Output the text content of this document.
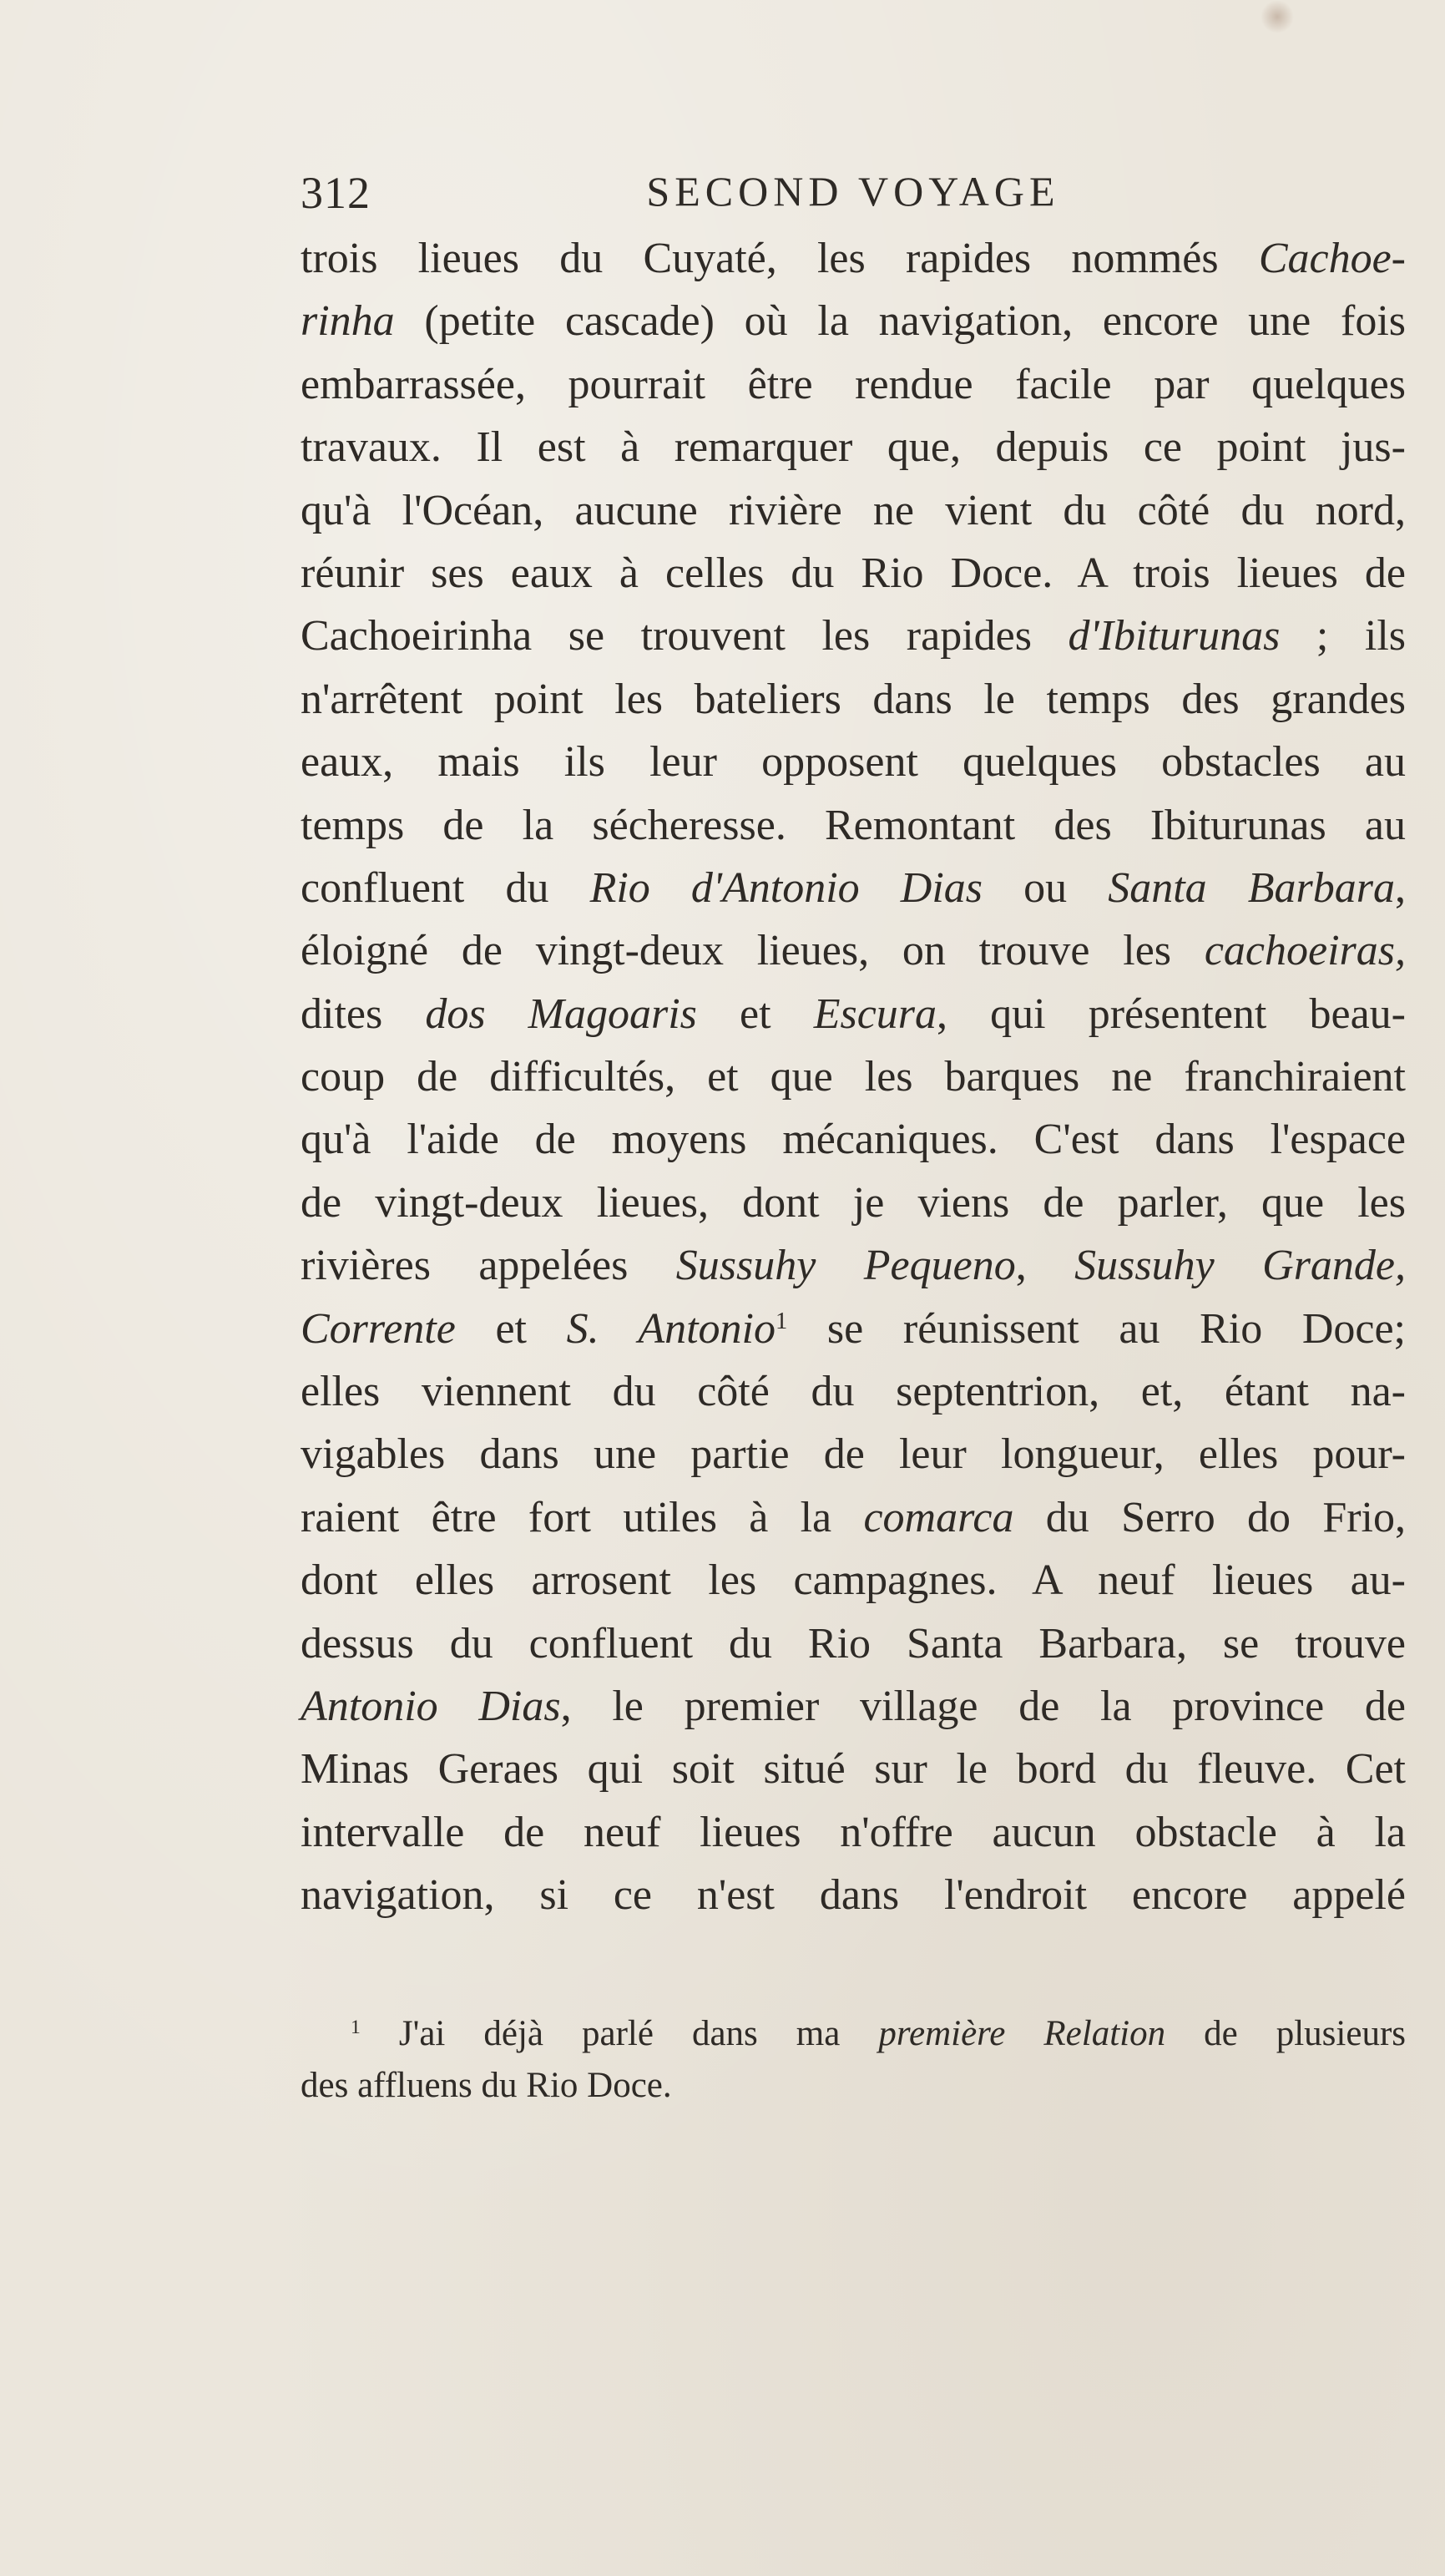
312	SECOND VOYAGE
trois lieues du Cuyaté, les rapides nommés Cachoe-
rinha (petite cascade) où la navigation, encore une fois
embarrassée, pourrait être rendue facile par quelques
travaux. Il est à remarquer que, depuis ce point jus-
qu'à l'Océan, aucune rivière ne vient du côté du nord,
réunir ses eaux à celles du Rio Doce. A trois lieues de
Cachoeirinha se trouvent les rapides d'Ibiturunas ; ils
n'arrêtent point les bateliers dans le temps des grandes
eaux, mais ils leur opposent quelques obstacles au
temps de la sécheresse. Remontant des Ibiturunas au
confluent du Rio d'Antonio Dias ou Santa Barbara,
éloigné de vingt-deux lieues, on trouve les cachoeiras,
dites dos Magoaris et Escura, qui présentent beau-
coup de difficultés, et que les barques ne franchiraient
qu'à l'aide de moyens mécaniques. C'est dans l'espace
de vingt-deux lieues, dont je viens de parler, que les
rivières appelées Sussuhy Pequeno, Sussuhy Grande,
Corrente et S. Antonio$^1$ se réunissent au Rio Doce;
elles viennent du côté du septentrion, et, étant na-
vigables dans une partie de leur longueur, elles pour-
raient être fort utiles à la comarca du Serro do Frio,
dont elles arrosent les campagnes. A neuf lieues au-
dessus du confluent du Rio Santa Barbara, se trouve
Antonio Dias, le premier village de la province de
Minas Geraes qui soit situé sur le bord du fleuve. Cet
intervalle de neuf lieues n'offre aucun obstacle à la
navigation, si ce n'est dans l'endroit encore appelé
$^1$ J'ai déjà parlé dans ma première Relation de plusieurs
des affluens du Rio Doce.
